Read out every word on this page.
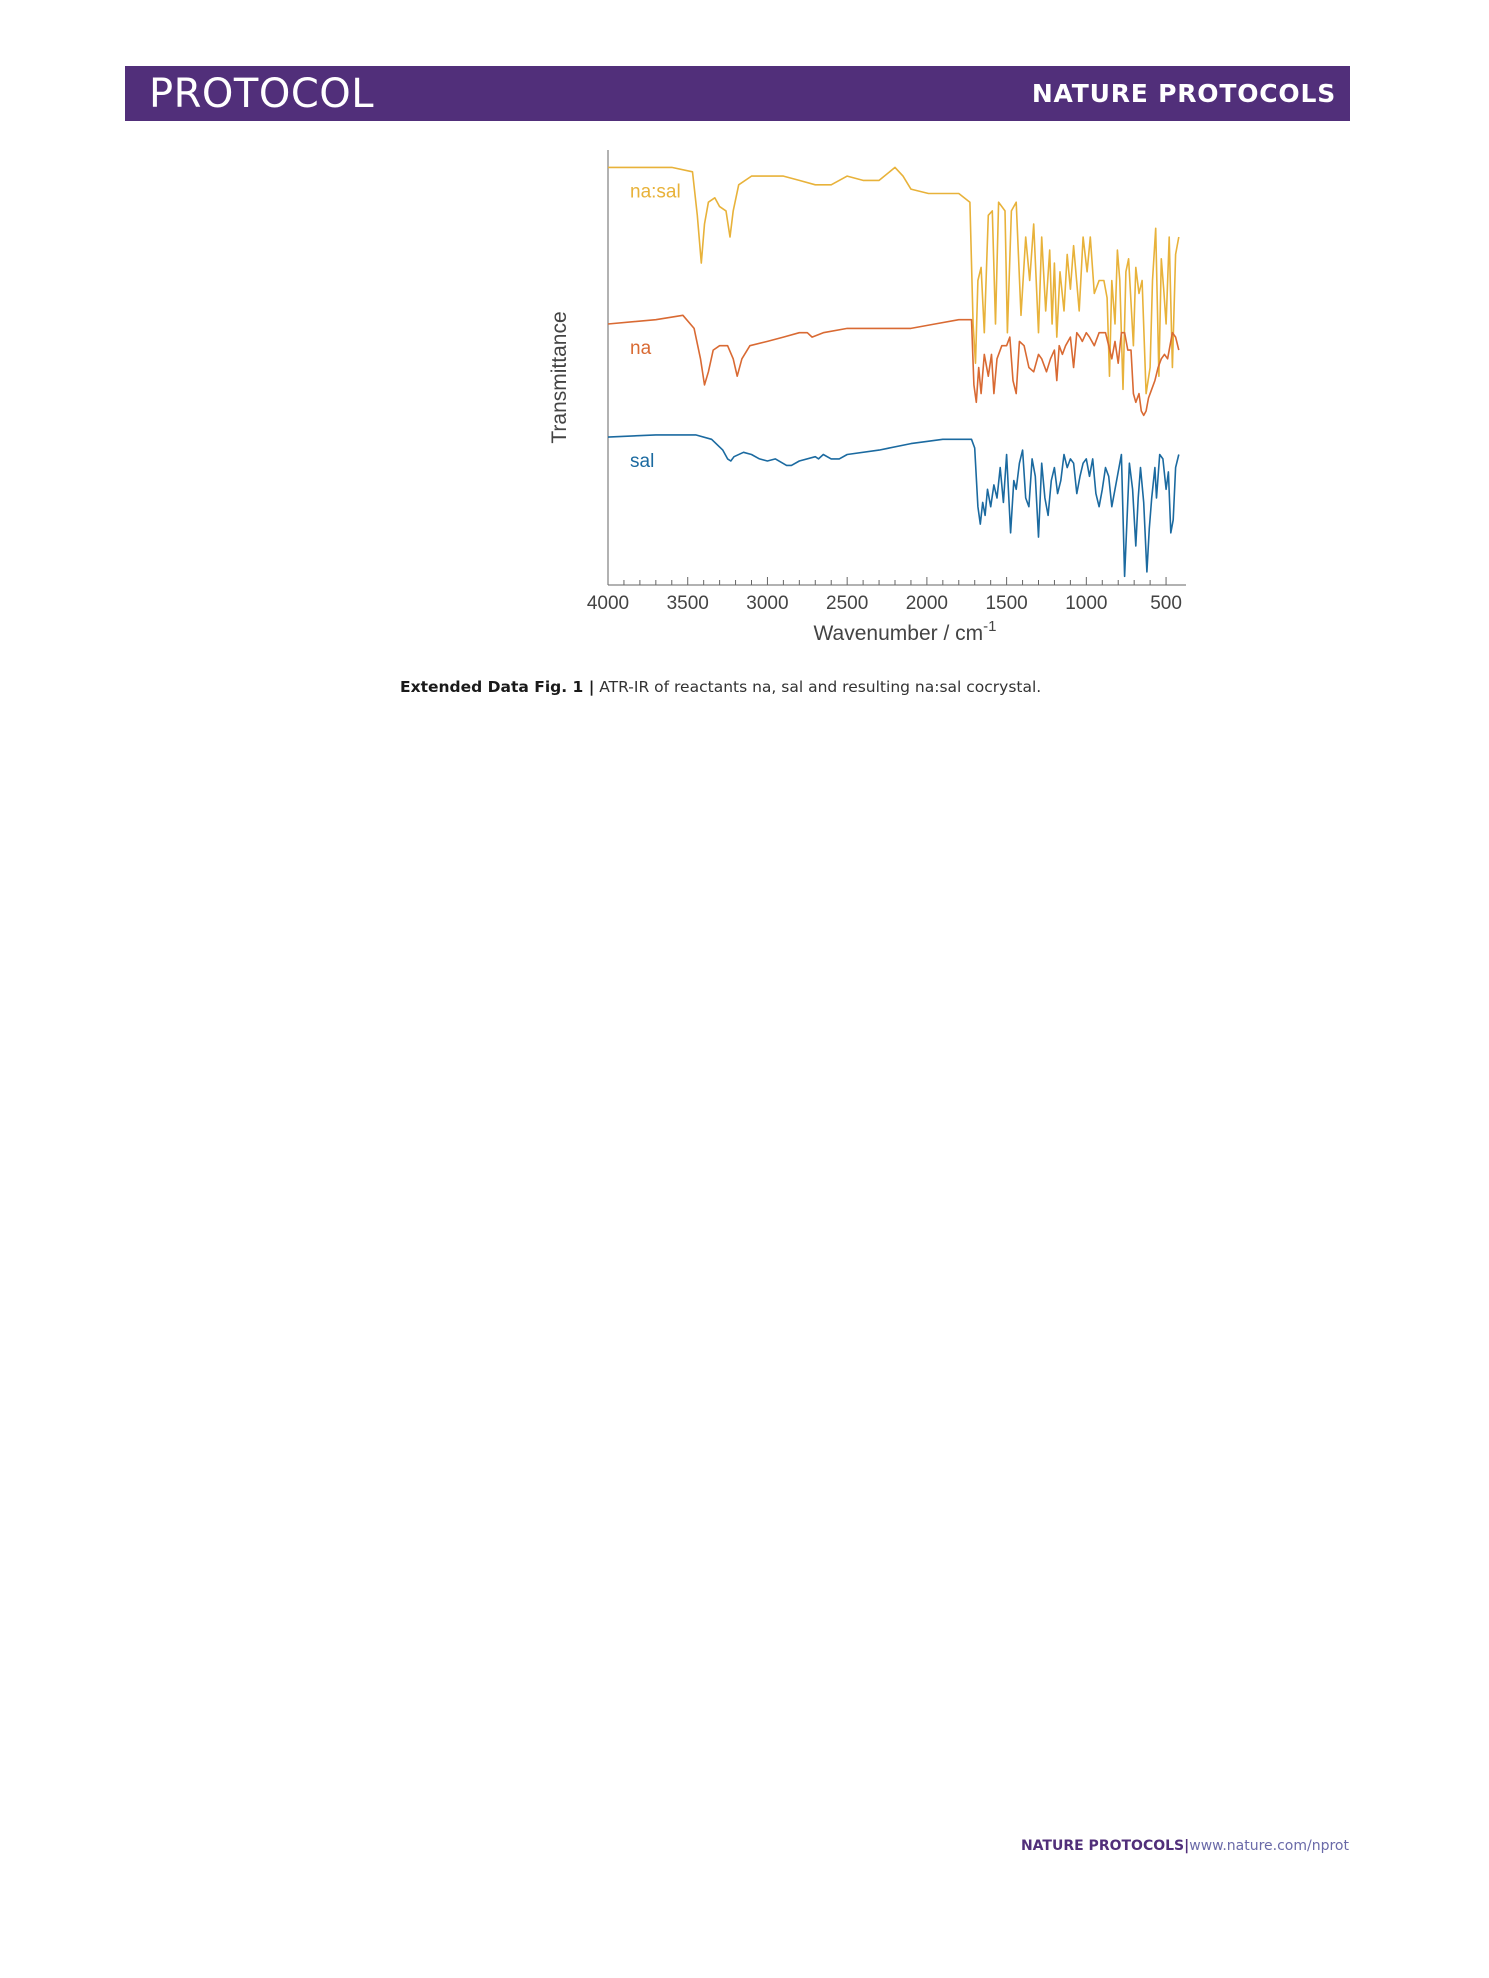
PROTOCOL	NATURE PROTOCOLS
4000 3500 3000 2500 2000 1500 1000 500
Wavenumber / $cm^{-1}$
Transmittance
na:sal
na
sal
Extended Data Fig. 1 | ATR-IR of reactants na, sal and resulting na:sal cocrystal.
NATURE PROTOCOLS|www.nature.com/nprot
